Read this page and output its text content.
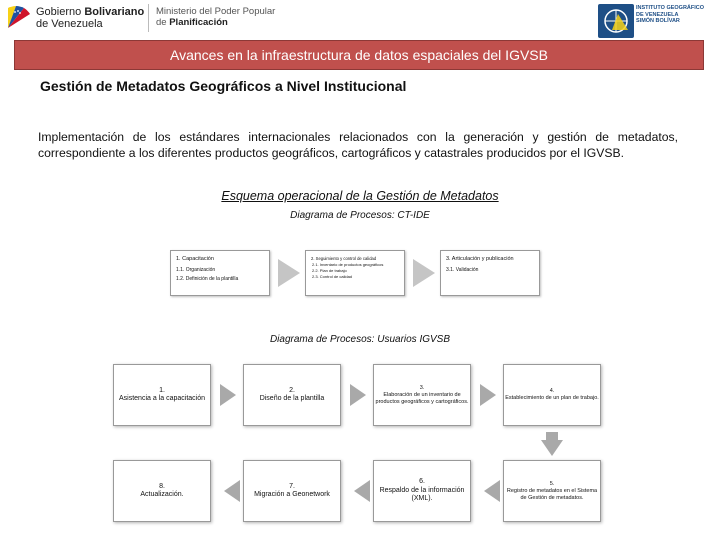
Gobierno Bolivariano
de Venezuela
Ministerio del Poder Popular
de Planificación
INSTITUTO GEOGRÁFICO
DE VENEZUELA
SIMÓN BOLÍVAR
Avances en la infraestructura de datos espaciales del IGVSB
Gestión de Metadatos Geográficos a Nivel Institucional
Implementación de los estándares internacionales relacionados con la generación y gestión de metadatos, correspondiente a los diferentes productos geográficos, cartográficos y catastrales producidos por el IGVSB.
Esquema operacional de la Gestión de Metadatos
Diagrama de Procesos: CT-IDE
1. Capacitación
1.1. Organización
1.2. Definición de la plantilla
2. Seguimiento y control de calidad
2.1. Inventario de productos geográficos
2.2. Plan de trabajo
2.3. Control de calidad
3. Articulación y publicación
3.1. Validación
Diagrama de Procesos: Usuarios IGVSB
1.
Asistencia a la capacitación
2.
Diseño de la plantilla
3.
Elaboración de un inventario de productos geográficos y cartográficos.
4.
Establecimiento de un plan de trabajo.
5.
Registro de metadatos en el Sistema de Gestión de metadatos.
6.
Respaldo de la información (XML).
7.
Migración a Geonetwork
8.
Actualización.
